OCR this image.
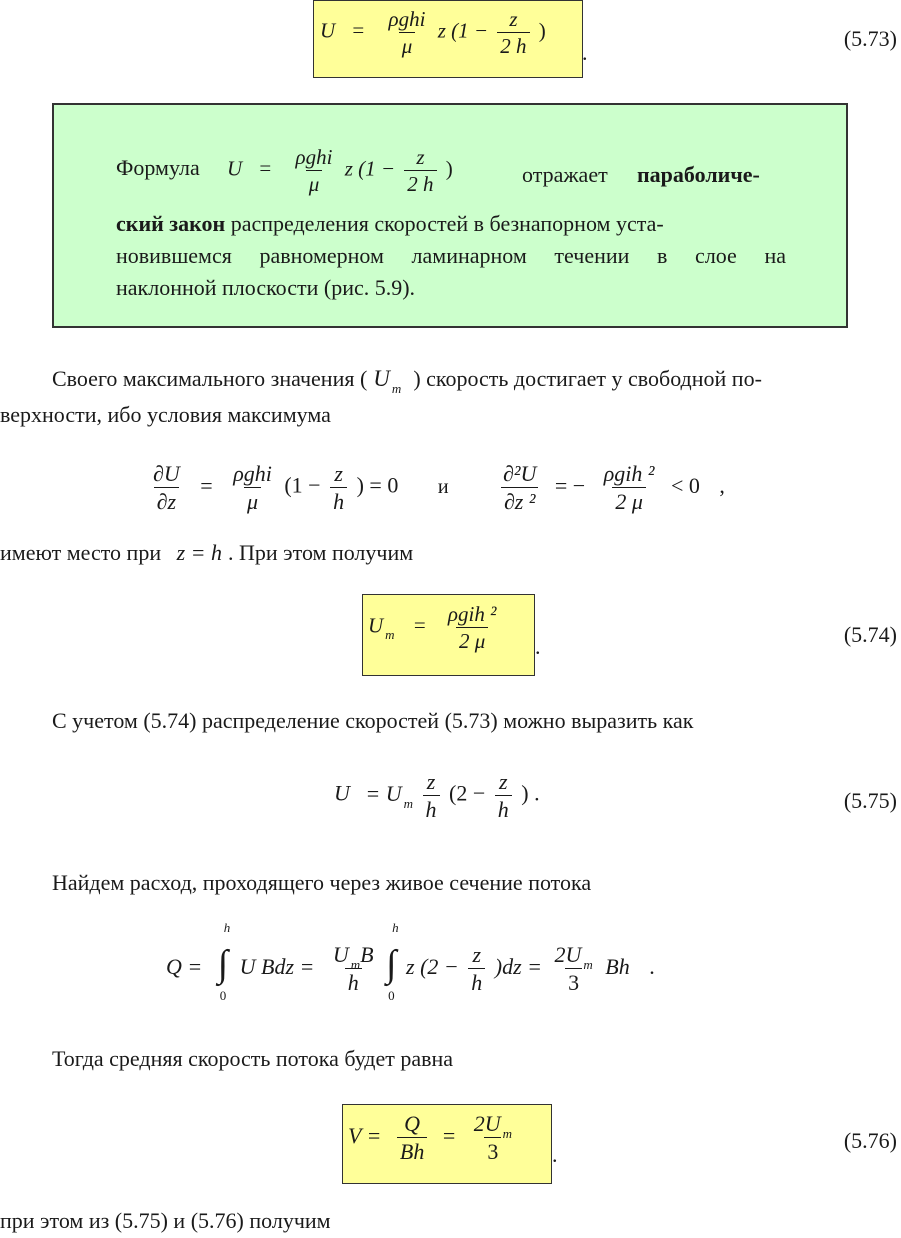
$U = \frac{\text{ρghi}}{\mu}$ z ($1 - \frac{z}{2 h}$ )
.
(5.73)
Формула $U = \frac{\text{ρghi}}{\mu}$ z ($1 - \frac{z}{2 h}$ )	отражает параболиче-
ский закон распределения скоростей в безнапорном уста-
новившемся равномерном ламинарном течении в слое на
наклонной плоскости (рис. 5.9).
Своего максимального значения ( U $_m$ ) скорость достигает у свободной по-
верхности, ибо условия максимума
$\frac{\partial U}{\partial z} = \frac{\text{ρghi}}{\mu} (1 - \frac{z}{h}$ ) = 0 и $\frac{\text{∂²U}}{\text{∂z ²}}$ = − $\frac{\text{ρgih ²}}{2 \mu} < 0$ ,
имеют место при z = h . При этом получим
U $_m = \frac{\text{ρgih ²}}{2 \mu}$ .	(5.74)
С учетом (5.74) распределение скоростей (5.73) можно выразить как
U = U $_m \frac{z}{h} (2 - \frac{z}{h}$ ) .	(5.75)
Найдем расход, проходящего через живое сечение потока
Q =
h
∫
0
U Bdz = $\frac{U _mB}{h}$

h
∫
0
z $(2 - \frac{z}{h} )dz = \frac{2U _m}{3}$ Bh .
Тогда средняя скорость потока будет равна
$V = \frac{Q}{Bh} = \frac{2U _m}{3}$ .
(5.76)
при этом из (5.75) и (5.76) получим
